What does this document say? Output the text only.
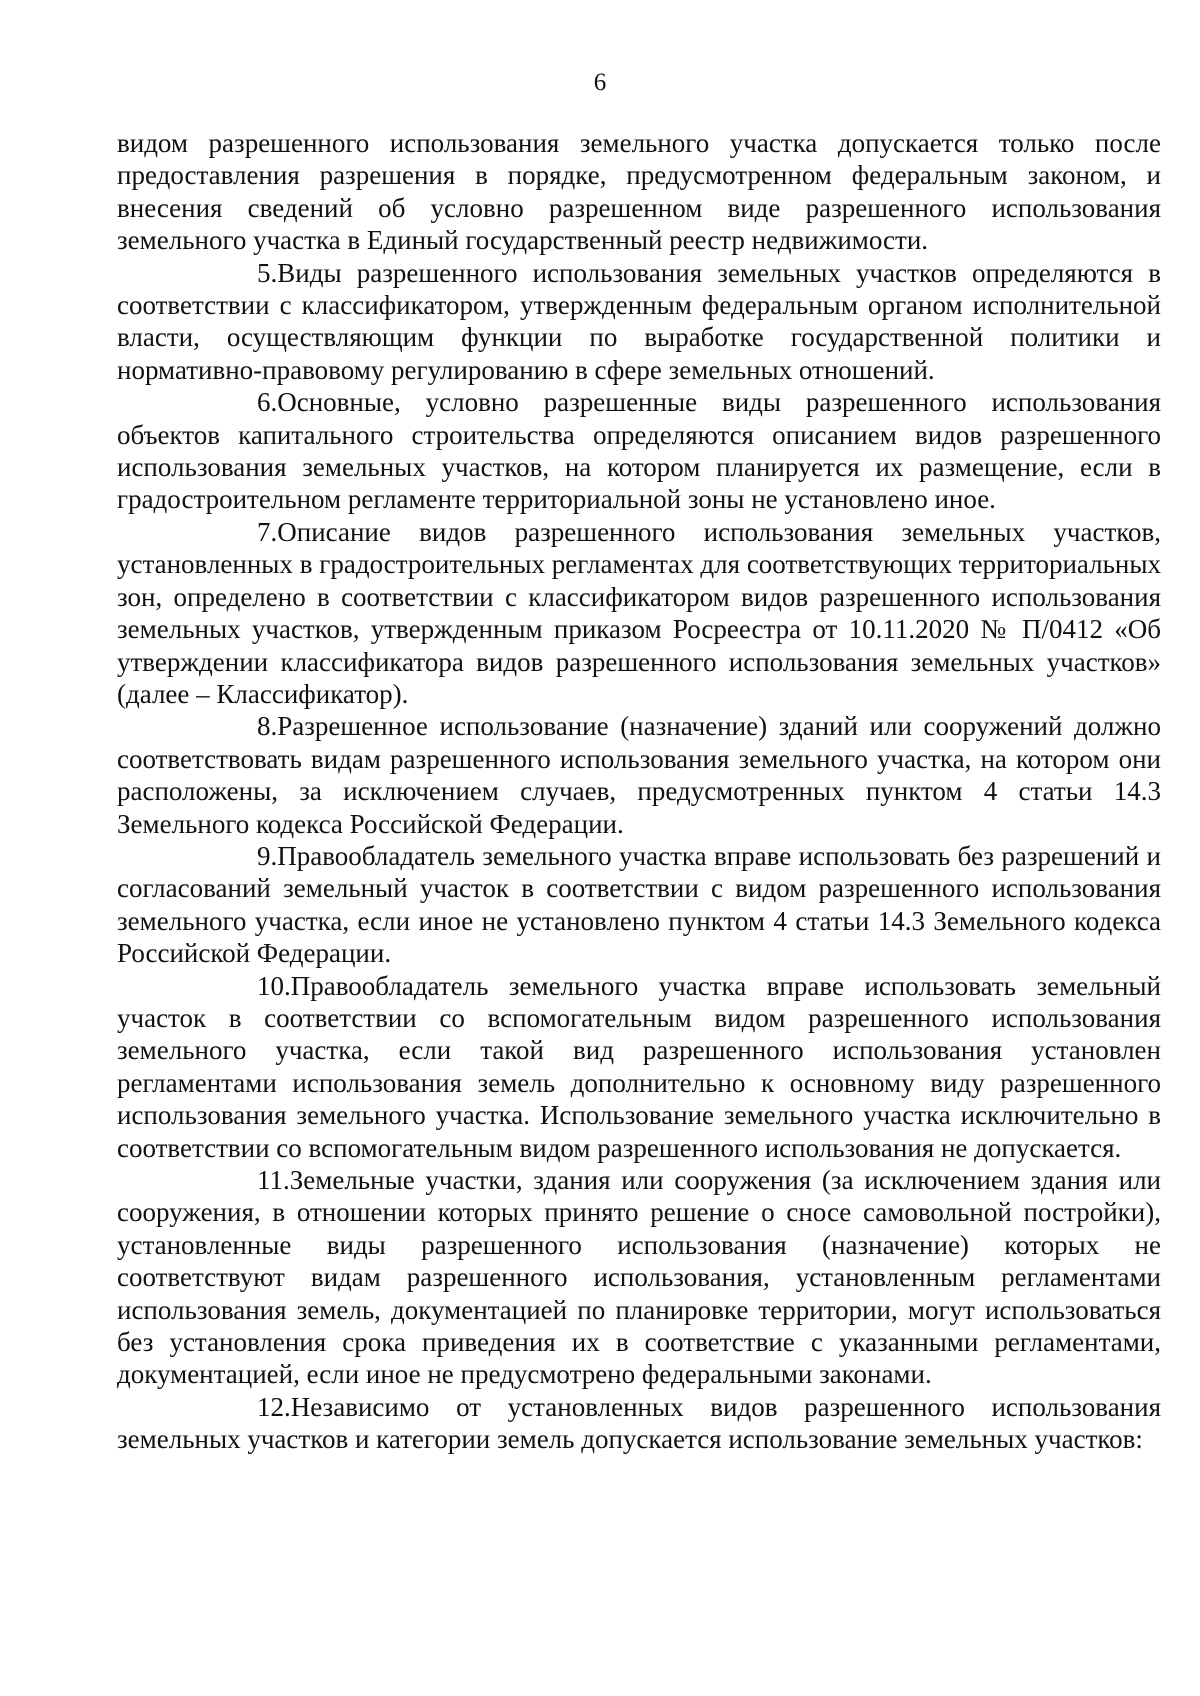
6

видом разрешенного использования земельного участка допускается только после предоставления разрешения в порядке, предусмотренном федеральным законом, и внесения сведений об условно разрешенном виде разрешенного использования земельного участка в Единый государственный реестр недвижимости.

5.Виды разрешенного использования земельных участков определяются в соответствии с классификатором, утвержденным федеральным органом исполнительной власти, осуществляющим функции по выработке государственной политики и нормативно-правовому регулированию в сфере земельных отношений.

6.Основные, условно разрешенные виды разрешенного использования объектов капитального строительства определяются описанием видов разрешенного использования земельных участков, на котором планируется их размещение, если в градостроительном регламенте территориальной зоны не установлено иное.

7.Описание видов разрешенного использования земельных участков, установленных в градостроительных регламентах для соответствующих территориальных зон, определено в соответствии с классификатором видов разрешенного использования земельных участков, утвержденным приказом Росреестра от 10.11.2020 № П/0412 «Об утверждении классификатора видов разрешенного использования земельных участков» (далее – Классификатор).

8.Разрешенное использование (назначение) зданий или сооружений должно соответствовать видам разрешенного использования земельного участка, на котором они расположены, за исключением случаев, предусмотренных пунктом 4 статьи 14.3 Земельного кодекса Российской Федерации.

9.Правообладатель земельного участка вправе использовать без разрешений и согласований земельный участок в соответствии с видом разрешенного использования земельного участка, если иное не установлено пунктом 4 статьи 14.3 Земельного кодекса Российской Федерации.

10.Правообладатель земельного участка вправе использовать земельный участок в соответствии со вспомогательным видом разрешенного использования земельного участка, если такой вид разрешенного использования установлен регламентами использования земель дополнительно к основному виду разрешенного использования земельного участка. Использование земельного участка исключительно в соответствии со вспомогательным видом разрешенного использования не допускается.

11.Земельные участки, здания или сооружения (за исключением здания или сооружения, в отношении которых принято решение о сносе самовольной постройки), установленные виды разрешенного использования (назначение) которых не соответствуют видам разрешенного использования, установленным регламентами использования земель, документацией по планировке территории, могут использоваться без установления срока приведения их в соответствие с указанными регламентами, документацией, если иное не предусмотрено федеральными законами.

12.Независимо от установленных видов разрешенного использования земельных участков и категории земель допускается использование земельных участков:
